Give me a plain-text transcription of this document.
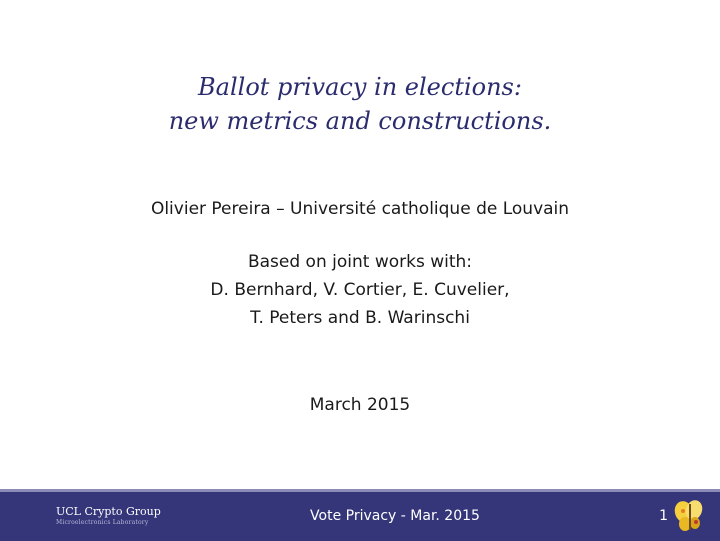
Ballot privacy in elections:
new metrics and constructions.
Olivier Pereira – Université catholique de Louvain
Based on joint works with:
D. Bernhard, V. Cortier, E. Cuvelier,
T. Peters and B. Warinschi
March 2015
UCL Crypto Group
Microelectronics Laboratory	Vote Privacy - Mar. 2015	1
